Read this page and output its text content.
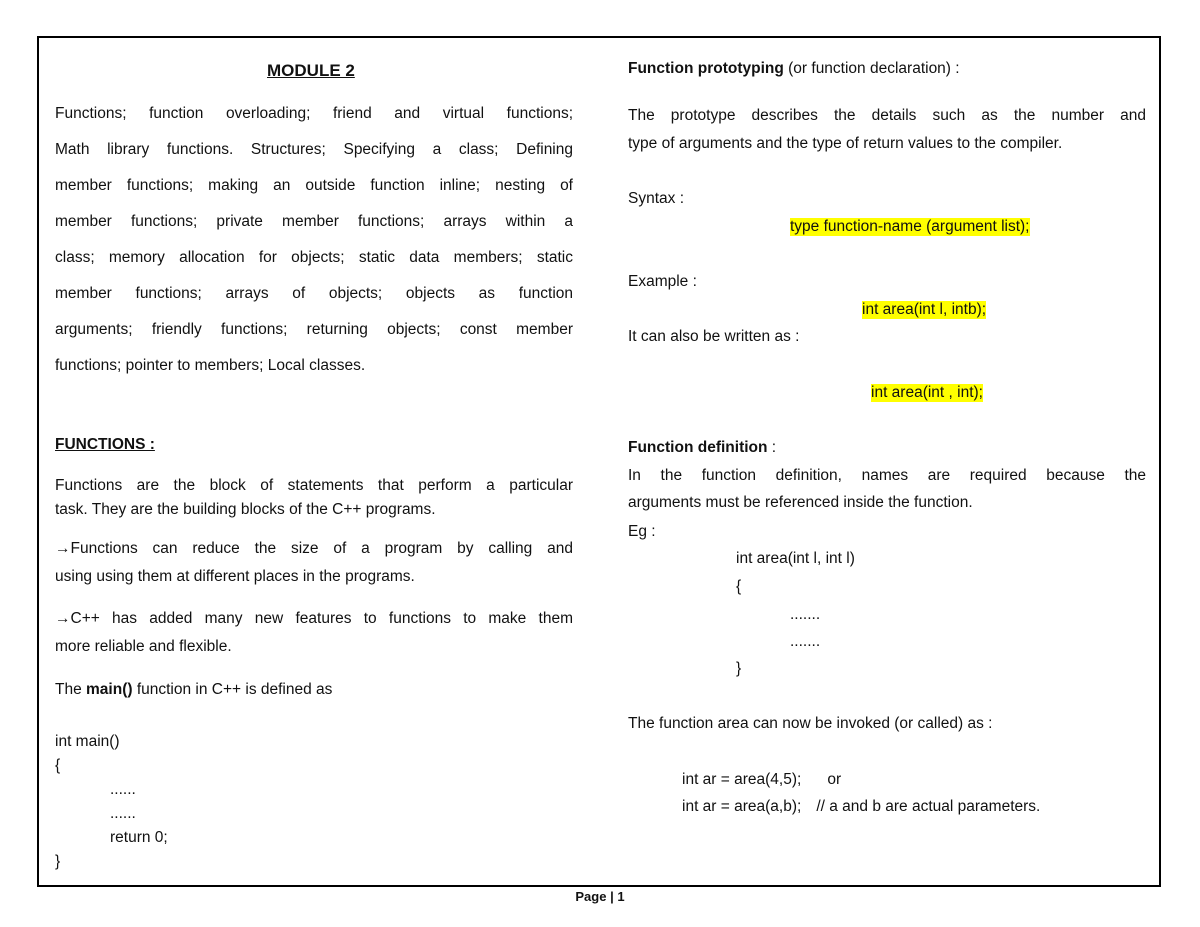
MODULE 2
Functions; function overloading; friend and virtual functions;
Math library functions. Structures; Specifying a class; Defining
member functions; making an outside function inline; nesting of
member functions; private member functions; arrays within a
class; memory allocation for objects; static data members; static
member functions; arrays of objects; objects as function
arguments; friendly functions; returning objects; const member
functions; pointer to members; Local classes.
FUNCTIONS :
Functions are the block of statements that perform a particular
task. They are the building blocks of the C++ programs.
→Functions can reduce the size of a program by calling and
using using them at different places in the programs.
→C++ has added many new features to functions to make them
more reliable and flexible.
The main() function in C++ is defined as
int main()
{
......
......
return 0;
}
Function prototyping (or function declaration) :
The prototype describes the details such as the number and
type of arguments and the type of return values to the compiler.
Syntax :
type function-name (argument list);
Example :
int area(int l, intb);
It can also be written as :
int area(int , int);
Function definition :
In the function definition, names are required because the
arguments must be referenced inside the function.
Eg :
int area(int l, int l)
{
.......
.......
}
The function area can now be invoked (or called) as :
int ar = area(4,5); or
int ar = area(a,b); // a and b are actual parameters.
Page | 1
